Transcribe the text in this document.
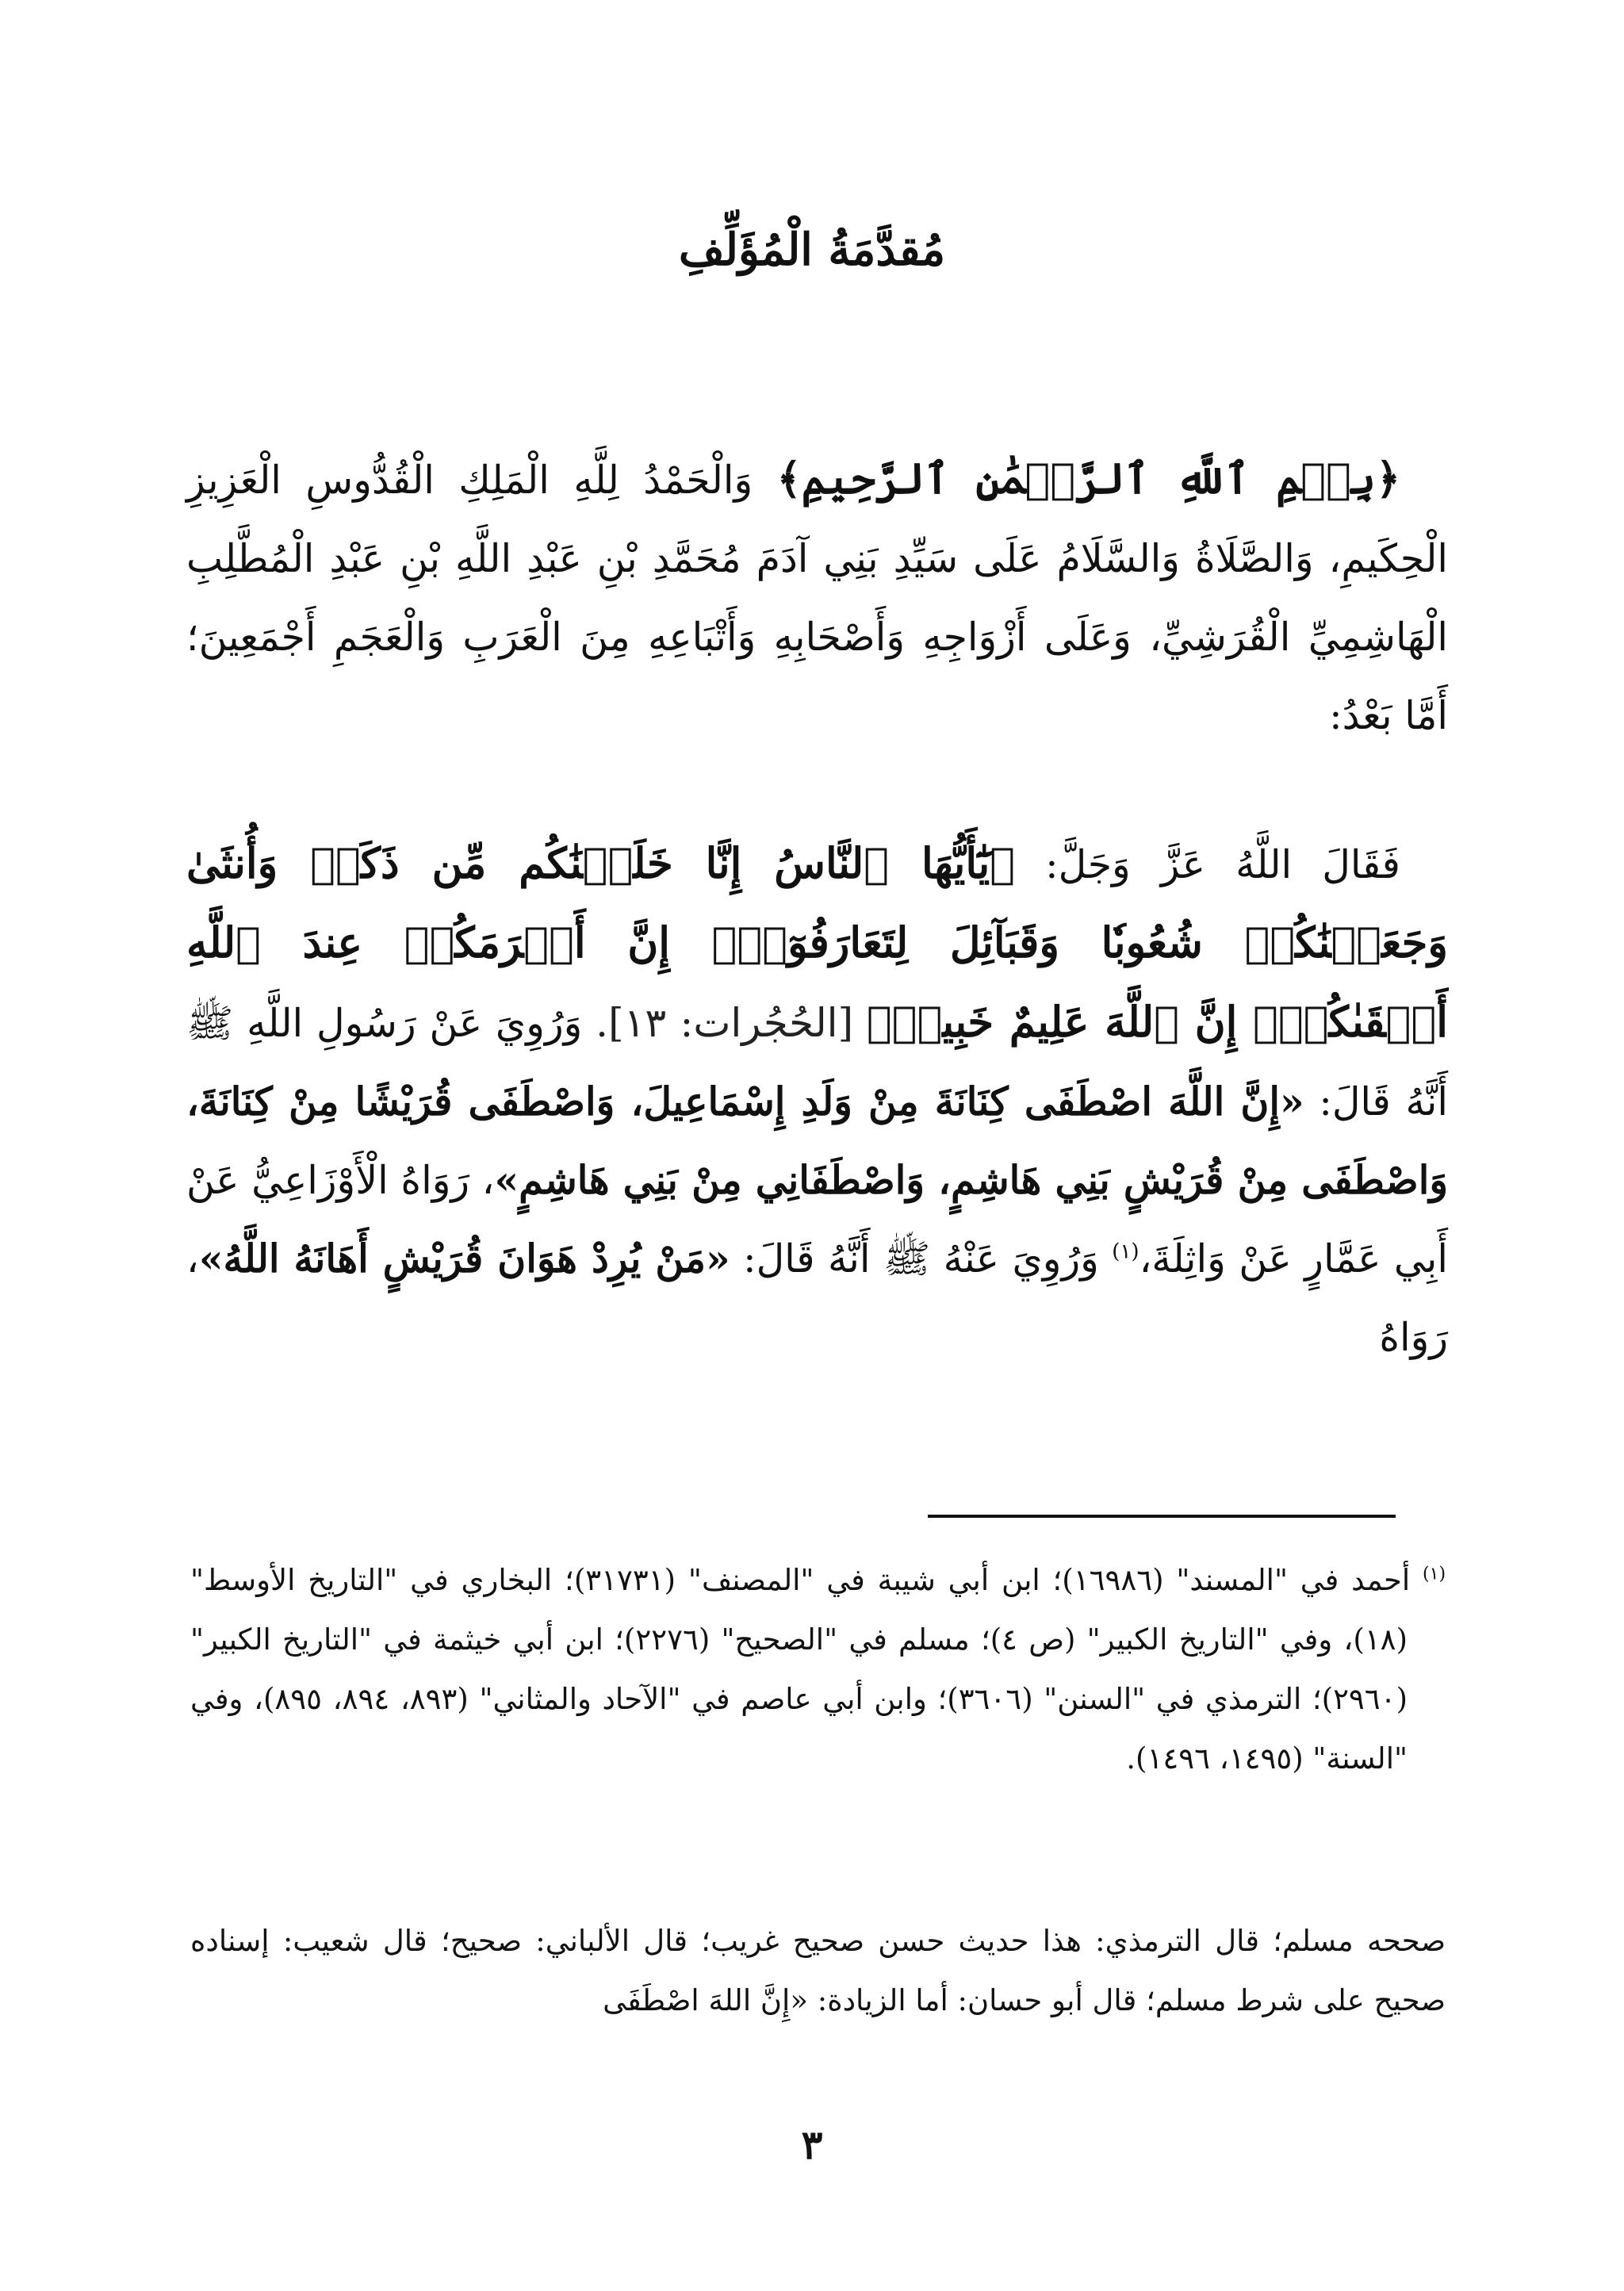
مُقدَّمَةُ الْمُؤَلِّفِ

﴿بِسۡمِ ٱللَّهِ ٱلرَّحۡمَٰنِ ٱلرَّحِيمِ﴾ وَالْحَمْدُ لِلَّهِ الْمَلِكِ الْقُدُّوسِ الْعَزِيزِ الْحِكَيمِ، وَالصَّلَاةُ وَالسَّلَامُ عَلَى سَيِّدِ بَنِي آدَمَ مُحَمَّدِ بْنِ عَبْدِ اللَّهِ بْنِ عَبْدِ الْمُطَّلِبِ الْهَاشِمِيِّ الْقُرَشِيِّ، وَعَلَى أَزْوَاجِهِ وَأَصْحَابِهِ وَأَتْبَاعِهِ مِنَ الْعَرَبِ وَالْعَجَمِ أَجْمَعِينَ؛ أَمَّا بَعْدُ:

فَقَالَ اللَّهُ عَزَّ وَجَلَّ: ﴿يَٰٓأَيُّهَا ٱلنَّاسُ إِنَّا خَلَقۡنَٰكُم مِّن ذَكَرٖ وَأُنثَىٰ وَجَعَلۡنَٰكُمۡ شُعُوبٗا وَقَبَآئِلَ لِتَعَارَفُوٓاْۚ إِنَّ أَكۡرَمَكُمۡ عِندَ ٱللَّهِ أَتۡقَىٰكُمۡۚ إِنَّ ٱللَّهَ عَلِيمٌ خَبِيرٞ﴾ [الحُجُرات: ١٣]. وَرُوِيَ عَنْ رَسُولِ اللَّهِ ﷺ أَنَّهُ قَالَ: «إِنَّ اللَّهَ اصْطَفَى كِنَانَةَ مِنْ وَلَدِ إِسْمَاعِيلَ، وَاصْطَفَى قُرَيْشًا مِنْ كِنَانَةَ، وَاصْطَفَى مِنْ قُرَيْشٍ بَنِي هَاشِمٍ، وَاصْطَفَانِي مِنْ بَنِي هَاشِمٍ»، رَوَاهُ الْأَوْزَاعِيُّ عَنْ أَبِي عَمَّارٍ عَنْ وَاثِلَةَ،$^{(١)}$ وَرُوِيَ عَنْهُ ﷺ أَنَّهُ قَالَ: «مَنْ يُرِدْ هَوَانَ قُرَيْشٍ أَهَانَهُ اللَّهُ»، رَوَاهُ

$^{(١)}$ أحمد في "المسند" (١٦٩٨٦)؛ ابن أبي شيبة في "المصنف" (٣١٧٣١)؛ البخاري في "التاريخ الأوسط" (١٨)، وفي "التاريخ الكبير" (ص ٤)؛ مسلم في "الصحيح" (٢٢٧٦)؛ ابن أبي خيثمة في "التاريخ الكبير" (٢٩٦٠)؛ الترمذي في "السنن" (٣٦٠٦)؛ وابن أبي عاصم في "الآحاد والمثاني" (٨٩٣، ٨٩٤، ٨٩٥)، وفي "السنة" (١٤٩٥، ١٤٩٦).

صححه مسلم؛ قال الترمذي: هذا حديث حسن صحيح غريب؛ قال الألباني: صحيح؛ قال شعيب: إسناده صحيح على شرط مسلم؛ قال أبو حسان: أما الزيادة: «إِنَّ اللهَ اصْطَفَى

٣
